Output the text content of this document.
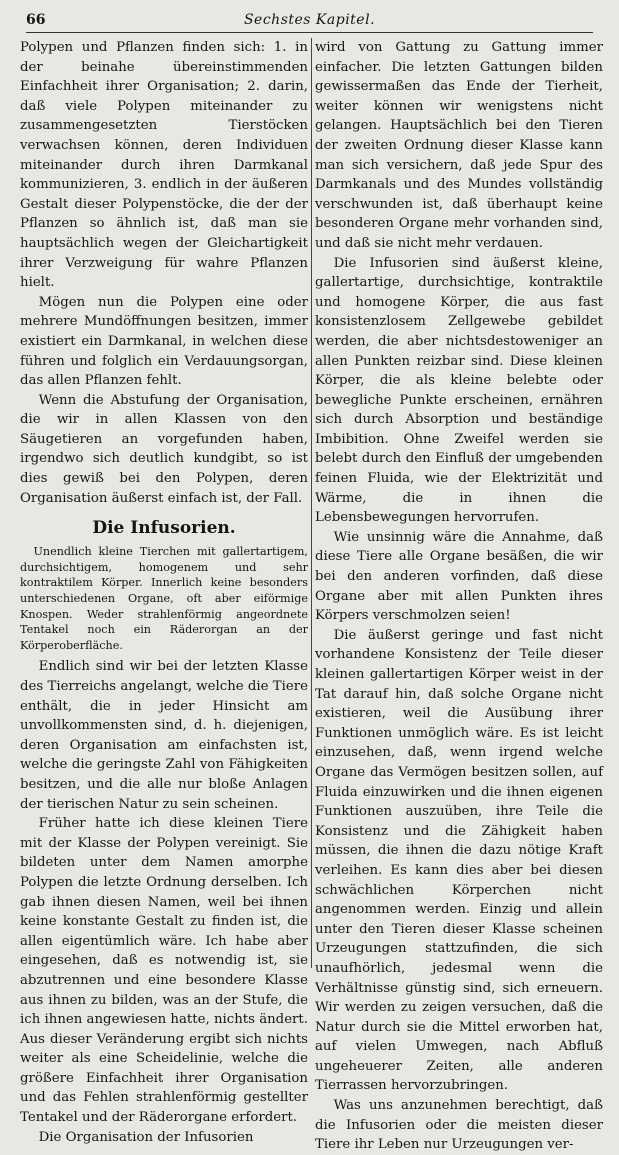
66	Sechstes Kapitel.

Polypen und Pflanzen finden sich: 1. in der beinahe übereinstimmenden Einfachheit ihrer Organisation; 2. darin, daß viele Polypen miteinander zu zusammengesetzten Tierstöcken verwachsen können, deren Individuen miteinander durch ihren Darmkanal kommunizieren, 3. endlich in der äußeren Gestalt dieser Polypenstöcke, die der der Pflanzen so ähnlich ist, daß man sie hauptsächlich wegen der Gleichartigkeit ihrer Verzweigung für wahre Pflanzen hielt.

Mögen nun die Polypen eine oder mehrere Mundöffnungen besitzen, immer existiert ein Darmkanal, in welchen diese führen und folglich ein Verdauungsorgan, das allen Pflanzen fehlt.

Wenn die Abstufung der Organisation, die wir in allen Klassen von den Säugetieren an vorgefunden haben, irgendwo sich deutlich kundgibt, so ist dies gewiß bei den Polypen, deren Organisation äußerst einfach ist, der Fall.

Die Infusorien.

Unendlich kleine Tierchen mit gallertartigem, durchsichtigem, homogenem und sehr kontraktilem Körper. Innerlich keine besonders unterschiedenen Organe, oft aber eiförmige Knospen. Weder strahlenförmig angeordnete Tentakel noch ein Räderorgan an der Körperoberfläche.

Endlich sind wir bei der letzten Klasse des Tierreichs angelangt, welche die Tiere enthält, die in jeder Hinsicht am unvollkommensten sind, d. h. diejenigen, deren Organisation am einfachsten ist, welche die geringste Zahl von Fähigkeiten besitzen, und die alle nur bloße Anlagen der tierischen Natur zu sein scheinen.

Früher hatte ich diese kleinen Tiere mit der Klasse der Polypen vereinigt. Sie bildeten unter dem Namen amorphe Polypen die letzte Ordnung derselben. Ich gab ihnen diesen Namen, weil bei ihnen keine konstante Gestalt zu finden ist, die allen eigentümlich wäre. Ich habe aber eingesehen, daß es notwendig ist, sie abzutrennen und eine besondere Klasse aus ihnen zu bilden, was an der Stufe, die ich ihnen angewiesen hatte, nichts ändert. Aus dieser Veränderung ergibt sich nichts weiter als eine Scheidelinie, welche die größere Einfachheit ihrer Organisation und das Fehlen strahlenförmig gestellter Tentakel und der Räderorgane erfordert.

Die Organisation der Infusorien

wird von Gattung zu Gattung immer einfacher. Die letzten Gattungen bilden gewissermaßen das Ende der Tierheit, weiter können wir wenigstens nicht gelangen. Hauptsächlich bei den Tieren der zweiten Ordnung dieser Klasse kann man sich versichern, daß jede Spur des Darmkanals und des Mundes vollständig verschwunden ist, daß überhaupt keine besonderen Organe mehr vorhanden sind, und daß sie nicht mehr verdauen.

Die Infusorien sind äußerst kleine, gallertartige, durchsichtige, kontraktile und homogene Körper, die aus fast konsistenzlosem Zellgewebe gebildet werden, die aber nichtsdestoweniger an allen Punkten reizbar sind. Diese kleinen Körper, die als kleine belebte oder bewegliche Punkte erscheinen, ernähren sich durch Absorption und beständige Imbibition. Ohne Zweifel werden sie belebt durch den Einfluß der umgebenden feinen Fluida, wie der Elektrizität und Wärme, die in ihnen die Lebensbewegungen hervorrufen.

Wie unsinnig wäre die Annahme, daß diese Tiere alle Organe besäßen, die wir bei den anderen vorfinden, daß diese Organe aber mit allen Punkten ihres Körpers verschmolzen seien!

Die äußerst geringe und fast nicht vorhandene Konsistenz der Teile dieser kleinen gallertartigen Körper weist in der Tat darauf hin, daß solche Organe nicht existieren, weil die Ausübung ihrer Funktionen unmöglich wäre. Es ist leicht einzusehen, daß, wenn irgend welche Organe das Vermögen besitzen sollen, auf Fluida einzuwirken und die ihnen eigenen Funktionen auszuüben, ihre Teile die Konsistenz und die Zähigkeit haben müssen, die ihnen die dazu nötige Kraft verleihen. Es kann dies aber bei diesen schwächlichen Körperchen nicht angenommen werden. Einzig und allein unter den Tieren dieser Klasse scheinen Urzeugungen stattzufinden, die sich unaufhörlich, jedesmal wenn die Verhältnisse günstig sind, sich erneuern. Wir werden zu zeigen versuchen, daß die Natur durch sie die Mittel erworben hat, auf vielen Umwegen, nach Abfluß ungeheuerer Zeiten, alle anderen Tierrassen hervorzubringen.

Was uns anzunehmen berechtigt, daß die Infusorien oder die meisten dieser Tiere ihr Leben nur Urzeugungen ver-
